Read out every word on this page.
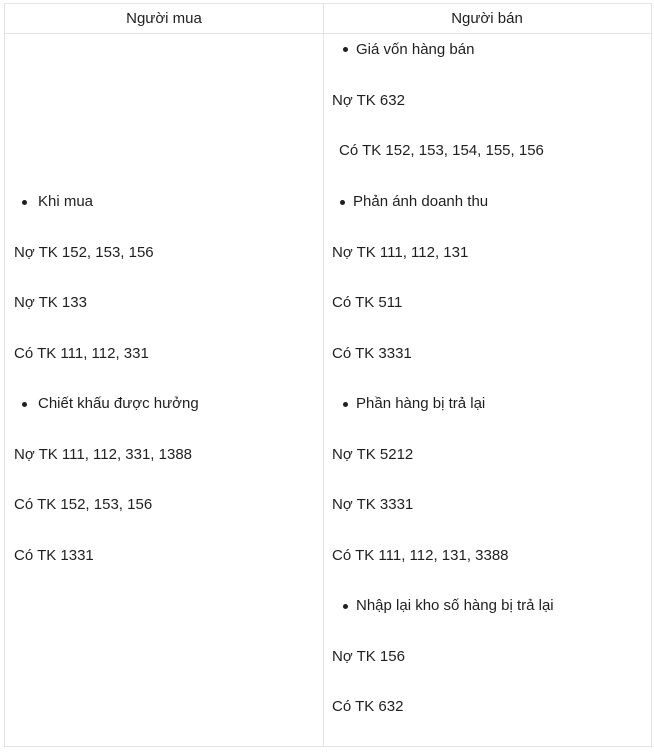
Người mua	Người bán
Khi mua
Nợ TK 152, 153, 156
Nợ TK 133
Có TK 111, 112, 331
Chiết khấu được hưởng
Nợ TK 111, 112, 331, 1388
Có TK 152, 153, 156
Có TK 1331
Giá vốn hàng bán
Nợ TK 632
Có TK 152, 153, 154, 155, 156
Phản ánh doanh thu
Nợ TK 111, 112, 131
Có TK 511
Có TK 3331
Phần hàng bị trả lại
Nợ TK 5212
Nợ TK 3331
Có TK 111, 112, 131, 3388
Nhập lại kho số hàng bị trả lại
Nợ TK 156
Có TK 632
